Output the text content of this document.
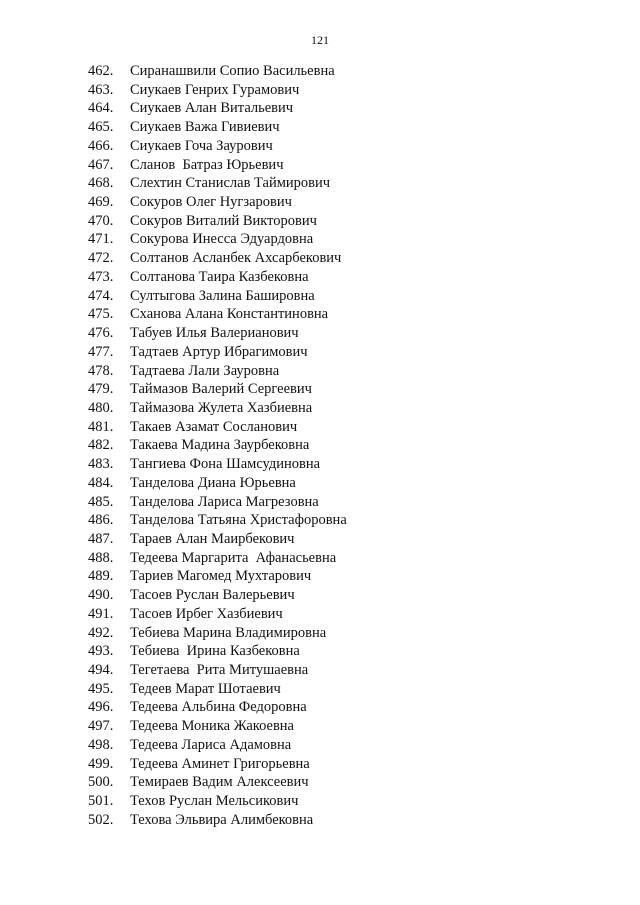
121
462. Сиранашвили Сопио Васильевна
463. Сиукаев Генрих Гурамович
464. Сиукаев Алан Витальевич
465. Сиукаев Важа Гивиевич
466. Сиукаев Гоча Заурович
467. Сланов  Батраз Юрьевич
468. Слехтин Станислав Таймирович
469. Сокуров Олег Нугзарович
470. Сокуров Виталий Викторович
471. Сокурова Инесса Эдуардовна
472. Солтанов Асланбек Ахсарбекович
473. Солтанова Таира Казбековна
474. Султыгова Залина Башировна
475. Сханова Алана Константиновна
476. Табуев Илья Валерианович
477. Тадтаев Артур Ибрагимович
478. Тадтаева Лали Зауровна
479. Таймазов Валерий Сергеевич
480. Таймазова Жулета Хазбиевна
481. Такаев Азамат Сосланович
482. Такаева Мадина Заурбековна
483. Тангиева Фона Шамсудиновна
484. Танделова Диана Юрьевна
485. Танделова Лариса Магрезовна
486. Танделова Татьяна Христафоровна
487. Тараев Алан Маирбекович
488. Тедеева Маргарита  Афанасьевна
489. Тариев Магомед Мухтарович
490. Тасоев Руслан Валерьевич
491. Тасоев Ирбег Хазбиевич
492. Тебиева Марина Владимировна
493. Тебиева  Ирина Казбековна
494. Тегетаева  Рита Митушаевна
495. Тедеев Марат Шотаевич
496. Тедеева Альбина Федоровна
497. Тедеева Моника Жакоевна
498. Тедеева Лариса Адамовна
499. Тедеева Аминет Григорьевна
500. Темираев Вадим Алексеевич
501. Техов Руслан Мельсикович
502. Техова Эльвира Алимбековна
